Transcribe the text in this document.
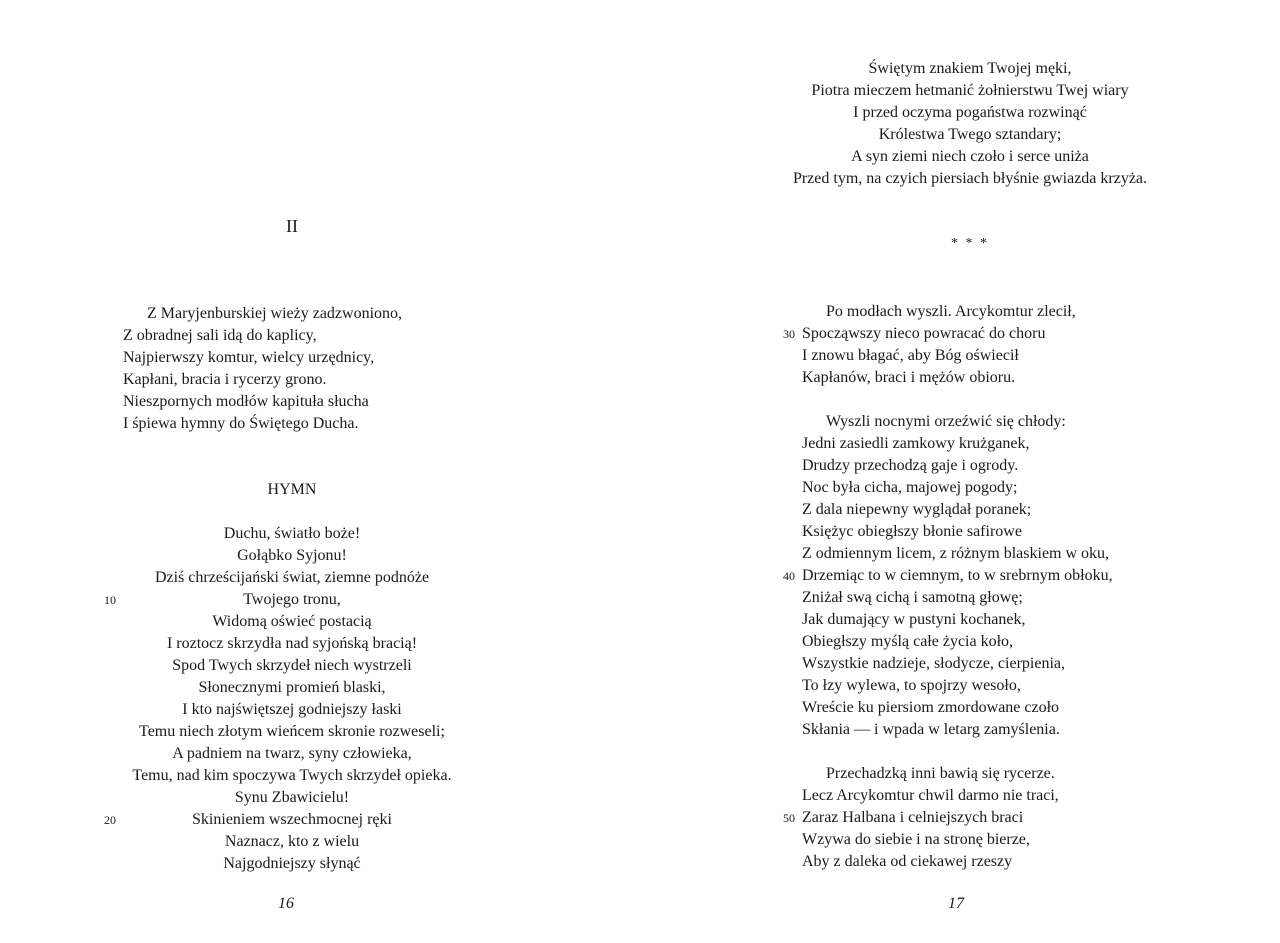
II
Z Maryjenburskiej wieży zadzwoniono,
Z obradnej sali idą do kaplicy,
Najpierwszy komtur, wielcy urzędnicy,
Kapłani, bracia i rycerzy grono.
Nieszpornych modłów kapituła słucha
I śpiewa hymny do Świętego Ducha.
HYMN
Duchu, światło boże!
Gołąbko Syjonu!
Dziś chrześcijański świat, ziemne podnóże
Twojego tronu,
Widomą oświeć postacią
I roztocz skrzydła nad syjońską bracią!
Spod Twych skrzydeł niech wystrzeli
Słonecznymi promień blaski,
I kto najświętszej godniejszy łaski
Temu niech złotym wieńcem skronie rozweseli;
A padniem na twarz, syny człowieka,
Temu, nad kim spoczywa Twych skrzydeł opieka.
Synu Zbawicielu!
Skinieniem wszechmocnej ręki
Naznacz, kto z wielu
Najgodniejszy słynąć
10
20
16
Świętym znakiem Twojej męki,
Piotra mieczem hetmanić żołnierstwu Twej wiary
I przed oczyma pogaństwa rozwinąć
Królestwa Twego sztandary;
A syn ziemi niech czoło i serce uniża
Przed tym, na czyich piersiach błyśnie gwiazda krzyża.
* * *
Po modłach wyszli. Arcykomtur zlecił,
Spocząwszy nieco powracać do choru
I znowu błagać, aby Bóg oświecił
Kapłanów, braci i mężów obioru.
Wyszli nocnymi orzeźwić się chłody:
Jedni zasiedli zamkowy krużganek,
Drudzy przechodzą gaje i ogrody.
Noc była cicha, majowej pogody;
Z dala niepewny wyglądał poranek;
Księżyc obiegłszy błonie safirowe
Z odmiennym licem, z różnym blaskiem w oku,
Drzemiąc to w ciemnym, to w srebrnym obłoku,
Zniżał swą cichą i samotną głowę;
Jak dumający w pustyni kochanek,
Obiegłszy myślą całe życia koło,
Wszystkie nadzieje, słodycze, cierpienia,
To łzy wylewa, to spojrzy wesoło,
Wreście ku piersiom zmordowane czoło
Skłania — i wpada w letarg zamyślenia.
Przechadzką inni bawią się rycerze.
Lecz Arcykomtur chwil darmo nie traci,
Zaraz Halbana i celniejszych braci
Wzywa do siebie i na stronę bierze,
Aby z daleka od ciekawej rzeszy
30
40
50
17
